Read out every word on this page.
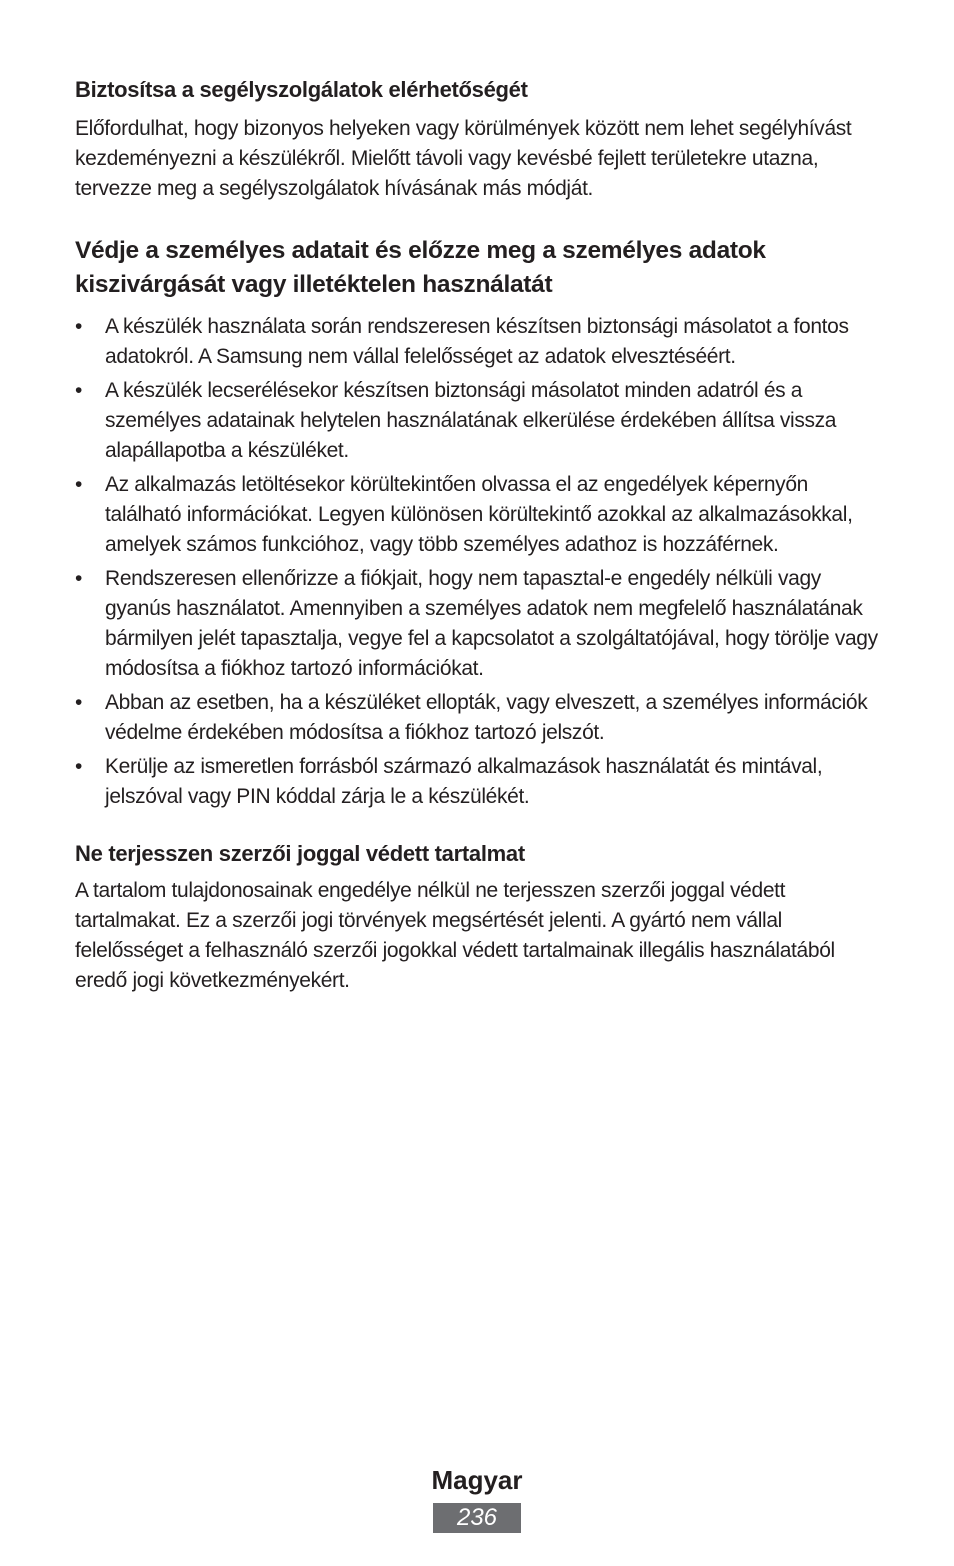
Biztosítsa a segélyszolgálatok elérhetőségét

Előfordulhat, hogy bizonyos helyeken vagy körülmények között nem lehet segélyhívást kezdeményezni a készülékről. Mielőtt távoli vagy kevésbé fejlett területekre utazna, tervezze meg a segélyszolgálatok hívásának más módját.

Védje a személyes adatait és előzze meg a személyes adatok kiszivárgását vagy illetéktelen használatát
• A készülék használata során rendszeresen készítsen biztonsági másolatot a fontos adatokról. A Samsung nem vállal felelősséget az adatok elvesztéséért.
• A készülék lecserélésekor készítsen biztonsági másolatot minden adatról és a személyes adatainak helytelen használatának elkerülése érdekében állítsa vissza alapállapotba a készüléket.
• Az alkalmazás letöltésekor körültekintően olvassa el az engedélyek képernyőn található információkat. Legyen különösen körültekintő azokkal az alkalmazásokkal, amelyek számos funkcióhoz, vagy több személyes adathoz is hozzáférnek.
• Rendszeresen ellenőrizze a fiókjait, hogy nem tapasztal-e engedély nélküli vagy gyanús használatot. Amennyiben a személyes adatok nem megfelelő használatának bármilyen jelét tapasztalja, vegye fel a kapcsolatot a szolgáltatójával, hogy törölje vagy módosítsa a fiókhoz tartozó információkat.
• Abban az esetben, ha a készüléket ellopták, vagy elveszett, a személyes információk védelme érdekében módosítsa a fiókhoz tartozó jelszót.
• Kerülje az ismeretlen forrásból származó alkalmazások használatát és mintával, jelszóval vagy PIN kóddal zárja le a készülékét.
Ne terjesszen szerzői joggal védett tartalmat

A tartalom tulajdonosainak engedélye nélkül ne terjesszen szerzői joggal védett tartalmakat. Ez a szerzői jogi törvények megsértését jelenti. A gyártó nem vállal felelősséget a felhasználó szerzői jogokkal védett tartalmainak illegális használatából eredő jogi következményekért.

Magyar
236
